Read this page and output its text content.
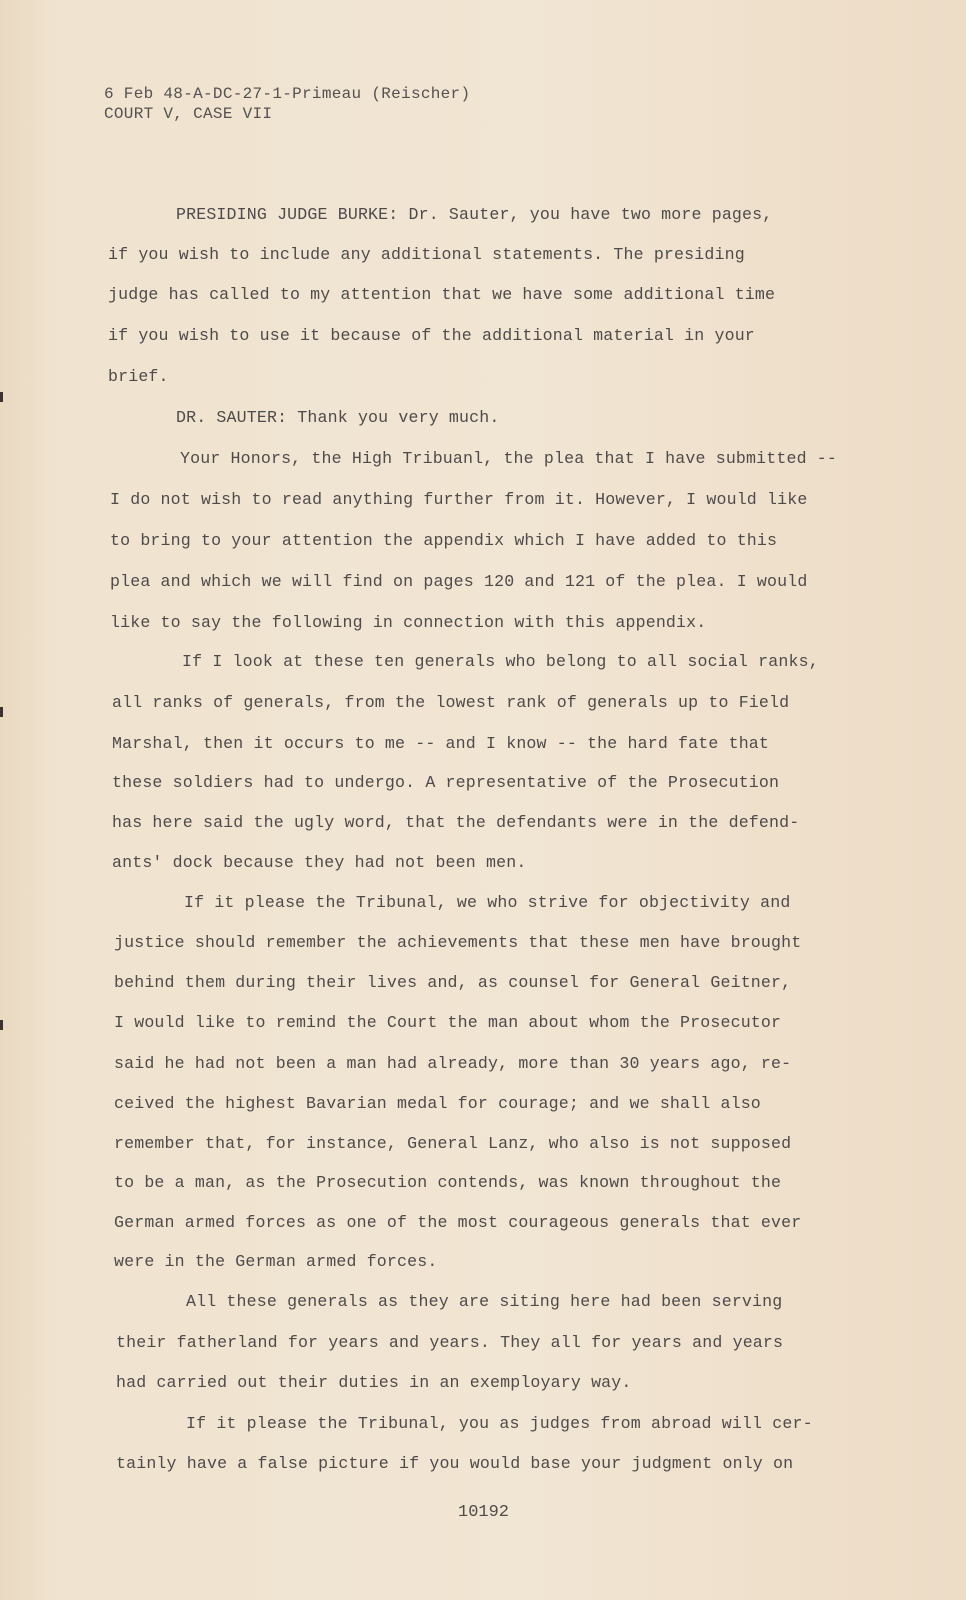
6 Feb 48-A-DC-27-1-Primeau (Reischer)
COURT V, CASE VII
PRESIDING JUDGE BURKE: Dr. Sauter, you have two more pages,
if you wish to include any additional statements. The presiding
judge has called to my attention that we have some additional time
if you wish to use it because of the additional material in your
brief.
DR. SAUTER: Thank you very much.
Your Honors, the High Tribuanl, the plea that I have submitted --
I do not wish to read anything further from it. However, I would like
to bring to your attention the appendix which I have added to this
plea and which we will find on pages 120 and 121 of the plea. I would
like to say the following in connection with this appendix.
If I look at these ten generals who belong to all social ranks,
all ranks of generals, from the lowest rank of generals up to Field
Marshal, then it occurs to me -- and I know -- the hard fate that
these soldiers had to undergo. A representative of the Prosecution
has here said the ugly word, that the defendants were in the defend-
ants' dock because they had not been men.
If it please the Tribunal, we who strive for objectivity and
justice should remember the achievements that these men have brought
behind them during their lives and, as counsel for General Geitner,
I would like to remind the Court the man about whom the Prosecutor
said he had not been a man had already, more than 30 years ago, re-
ceived the highest Bavarian medal for courage; and we shall also
remember that, for instance, General Lanz, who also is not supposed
to be a man, as the Prosecution contends, was known throughout the
German armed forces as one of the most courageous generals that ever
were in the German armed forces.
All these generals as they are siting here had been serving
their fatherland for years and years. They all for years and years
had carried out their duties in an exemployary way.
If it please the Tribunal, you as judges from abroad will cer-
tainly have a false picture if you would base your judgment only on
10192
